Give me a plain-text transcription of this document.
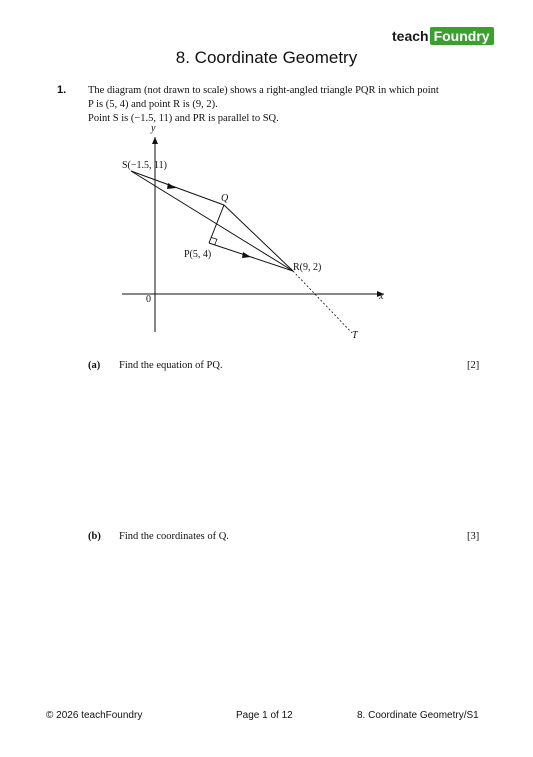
teach Foundry
8. Coordinate Geometry
1. The diagram (not drawn to scale) shows a right-angled triangle PQR in which point
P is (5, 4) and point R is (9, 2).
Point S is (−1.5, 11) and PR is parallel to SQ.
y
x
0
S(−1.5, 11)
Q
P(5, 4)
R(9, 2)
T
(a) Find the equation of PQ.	[2]
(b) Find the coordinates of Q.	[3]
© 2026 teachFoundry	Page 1 of 12	8. Coordinate Geometry/S1
